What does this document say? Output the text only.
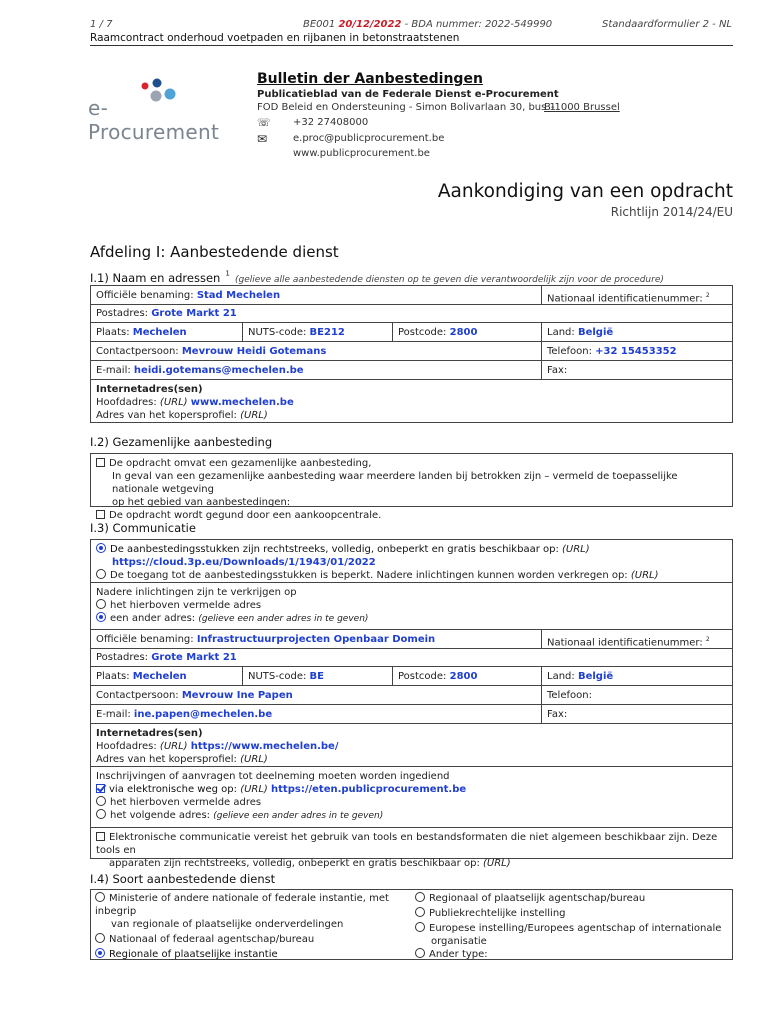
1 / 7	BE001 20/12/2022 - BDA nummer: 2022-549990	Standaardformulier 2 - NL
Raamcontract onderhoud voetpaden en rijbanen in betonstraatstenen
e-Procurement
Bulletin der Aanbestedingen
Publicatieblad van de Federale Dienst e-Procurement
FOD Beleid en Ondersteuning - Simon Bolivarlaan 30, bus 1
B-1000 Brussel
☏ +32 27408000
✉	e.proc@publicprocurement.be
www.publicprocurement.be
Aankondiging van een opdracht
Richtlijn 2014/24/EU
Afdeling I: Aanbestedende dienst
I.1) Naam en adressen $^1$ (gelieve alle aanbestedende diensten op te geven die verantwoordelijk zijn voor de procedure)
Officiële benaming: Stad Mechelen	Nationaal identificatienummer: $^2$
Postadres: Grote Markt 21
Plaats: Mechelen	NUTS-code: BE212	Postcode: 2800	Land: België
Contactpersoon: Mevrouw Heidi Gotemans	Telefoon: +32 15453352
E-mail: heidi.gotemans@mechelen.be	Fax:
Internetadres(sen)
Hoofdadres: (URL) www.mechelen.be
Adres van het kopersprofiel: (URL)
I.2) Gezamenlijke aanbesteding
De opdracht omvat een gezamenlijke aanbesteding,
In geval van een gezamenlijke aanbesteding waar meerdere landen bij betrokken zijn – vermeld de toepasselijke nationale wetgeving
op het gebied van aanbestedingen:
De opdracht wordt gegund door een aankoopcentrale.
I.3) Communicatie
De aanbestedingsstukken zijn rechtstreeks, volledig, onbeperkt en gratis beschikbaar op: (URL)
https://cloud.3p.eu/Downloads/1/1943/01/2022
De toegang tot de aanbestedingsstukken is beperkt. Nadere inlichtingen kunnen worden verkregen op: (URL)
Nadere inlichtingen zijn te verkrijgen op
het hierboven vermelde adres
een ander adres: (gelieve een ander adres in te geven)
Officiële benaming: Infrastructuurprojecten Openbaar Domein	Nationaal identificatienummer: $^2$
Postadres: Grote Markt 21
Plaats: Mechelen	NUTS-code: BE	Postcode: 2800	Land: België
Contactpersoon: Mevrouw Ine Papen	Telefoon:
E-mail: ine.papen@mechelen.be	Fax:
Internetadres(sen)
Hoofdadres: (URL) https://www.mechelen.be/
Adres van het kopersprofiel: (URL)
Inschrijvingen of aanvragen tot deelneming moeten worden ingediend
via elektronische weg op: (URL) https://eten.publicprocurement.be
het hierboven vermelde adres
het volgende adres: (gelieve een ander adres in te geven)
Elektronische communicatie vereist het gebruik van tools en bestandsformaten die niet algemeen beschikbaar zijn. Deze tools en
apparaten zijn rechtstreeks, volledig, onbeperkt en gratis beschikbaar op: (URL)
I.4) Soort aanbestedende dienst
Ministerie of andere nationale of federale instantie, met inbegrip
van regionale of plaatselijke onderverdelingen
Nationaal of federaal agentschap/bureau
Regionale of plaatselijke instantie
Regionaal of plaatselijk agentschap/bureau
Publiekrechtelijke instelling
Europese instelling/Europees agentschap of internationale
organisatie
Ander type:
